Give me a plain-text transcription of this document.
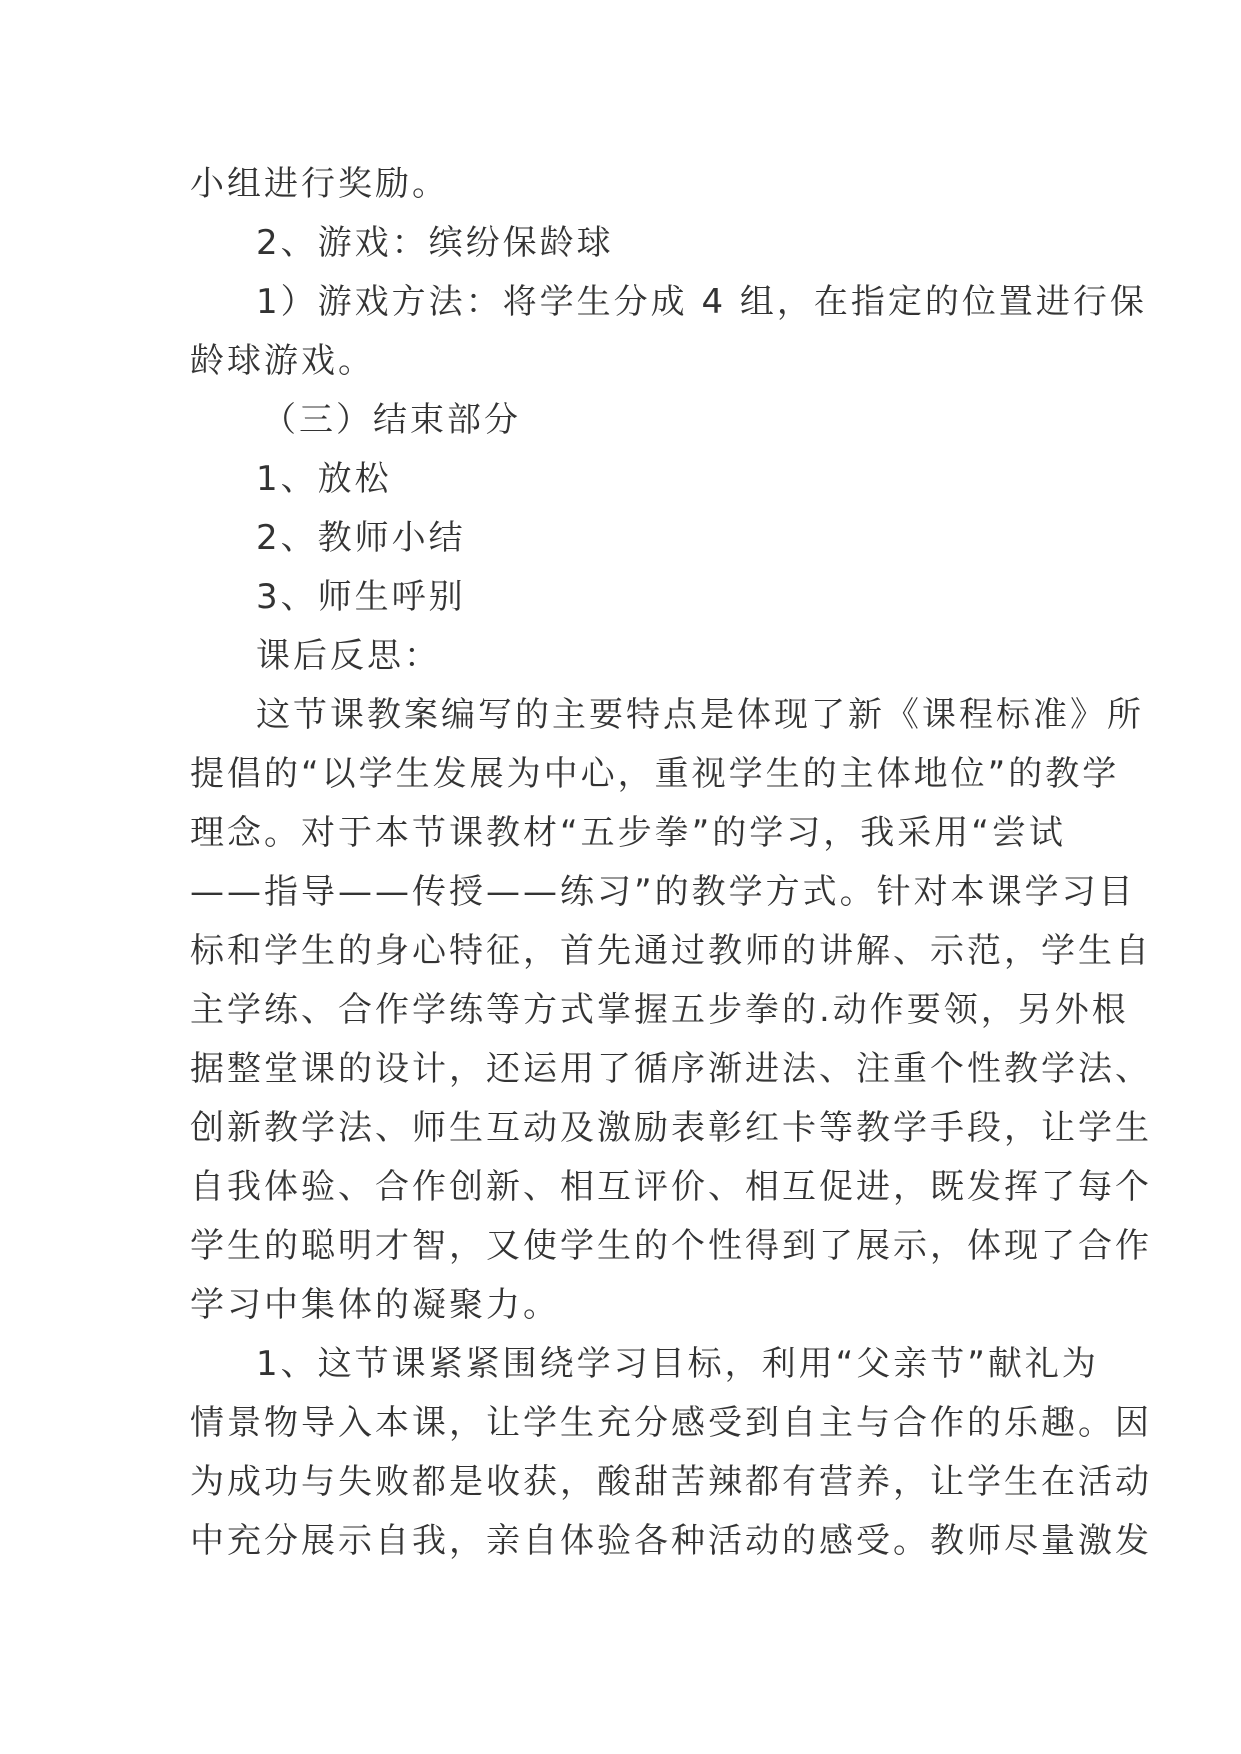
小组进行奖励。
2、游戏：缤纷保龄球
1）游戏方法：将学生分成 4 组，在指定的位置进行保
龄球游戏。
（三）结束部分
1、放松
2、教师小结
3、师生呼别
课后反思：
这节课教案编写的主要特点是体现了新《课程标准》所
提倡的“以学生发展为中心，重视学生的主体地位”的教学
理念。对于本节课教材“五步拳”的学习，我采用“尝试
——指导——传授——练习”的教学方式。针对本课学习目
标和学生的身心特征，首先通过教师的讲解、示范，学生自
主学练、合作学练等方式掌握五步拳的.动作要领，另外根
据整堂课的设计，还运用了循序渐进法、注重个性教学法、
创新教学法、师生互动及激励表彰红卡等教学手段，让学生
自我体验、合作创新、相互评价、相互促进，既发挥了每个
学生的聪明才智，又使学生的个性得到了展示，体现了合作
学习中集体的凝聚力。
1、这节课紧紧围绕学习目标，利用“父亲节”献礼为
情景物导入本课，让学生充分感受到自主与合作的乐趣。因
为成功与失败都是收获，酸甜苦辣都有营养，让学生在活动
中充分展示自我，亲自体验各种活动的感受。教师尽量激发
